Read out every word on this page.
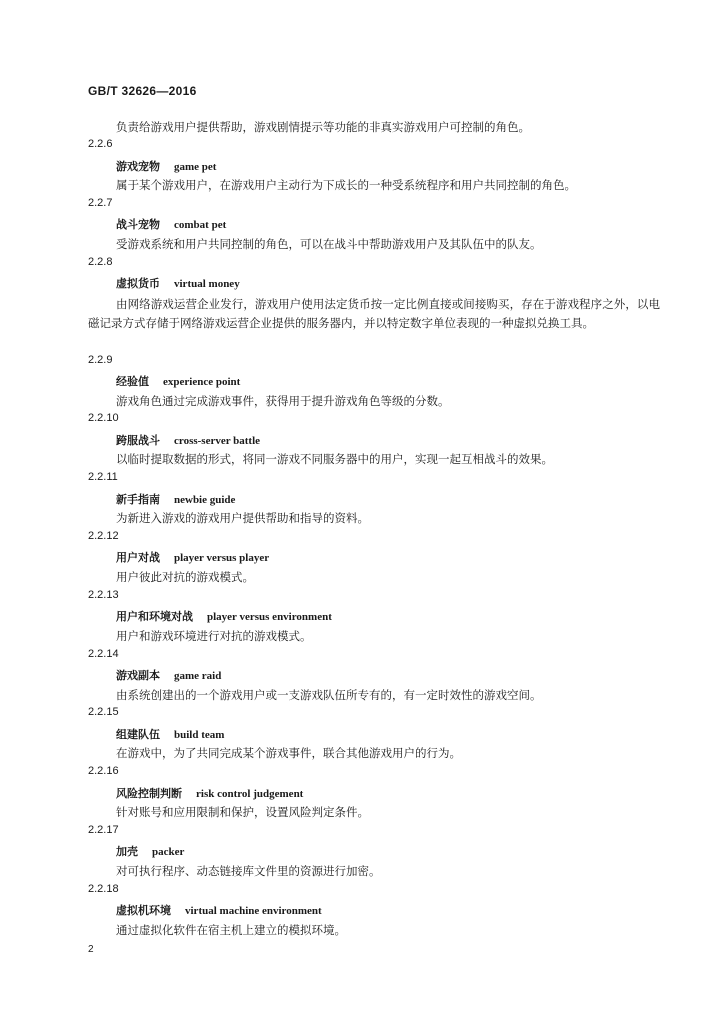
GB/T 32626—2016
负责给游戏用户提供帮助，游戏剧情提示等功能的非真实游戏用户可控制的角色。
2.2.6
游戏宠物 game pet
属于某个游戏用户，在游戏用户主动行为下成长的一种受系统程序和用户共同控制的角色。
2.2.7
战斗宠物 combat pet
受游戏系统和用户共同控制的角色，可以在战斗中帮助游戏用户及其队伍中的队友。
2.2.8
虚拟货币 virtual money
由网络游戏运营企业发行，游戏用户使用法定货币按一定比例直接或间接购买，存在于游戏程序之外，以电磁记录方式存储于网络游戏运营企业提供的服务器内，并以特定数字单位表现的一种虚拟兑换工具。
2.2.9
经验值 experience point
游戏角色通过完成游戏事件，获得用于提升游戏角色等级的分数。
2.2.10
跨服战斗 cross-server battle
以临时提取数据的形式，将同一游戏不同服务器中的用户，实现一起互相战斗的效果。
2.2.11
新手指南 newbie guide
为新进入游戏的游戏用户提供帮助和指导的资料。
2.2.12
用户对战 player versus player
用户彼此对抗的游戏模式。
2.2.13
用户和环境对战 player versus environment
用户和游戏环境进行对抗的游戏模式。
2.2.14
游戏副本 game raid
由系统创建出的一个游戏用户或一支游戏队伍所专有的，有一定时效性的游戏空间。
2.2.15
组建队伍 build team
在游戏中，为了共同完成某个游戏事件，联合其他游戏用户的行为。
2.2.16
风险控制判断 risk control judgement
针对账号和应用限制和保护，设置风险判定条件。
2.2.17
加壳 packer
对可执行程序、动态链接库文件里的资源进行加密。
2.2.18
虚拟机环境 virtual machine environment
通过虚拟化软件在宿主机上建立的模拟环境。
2
